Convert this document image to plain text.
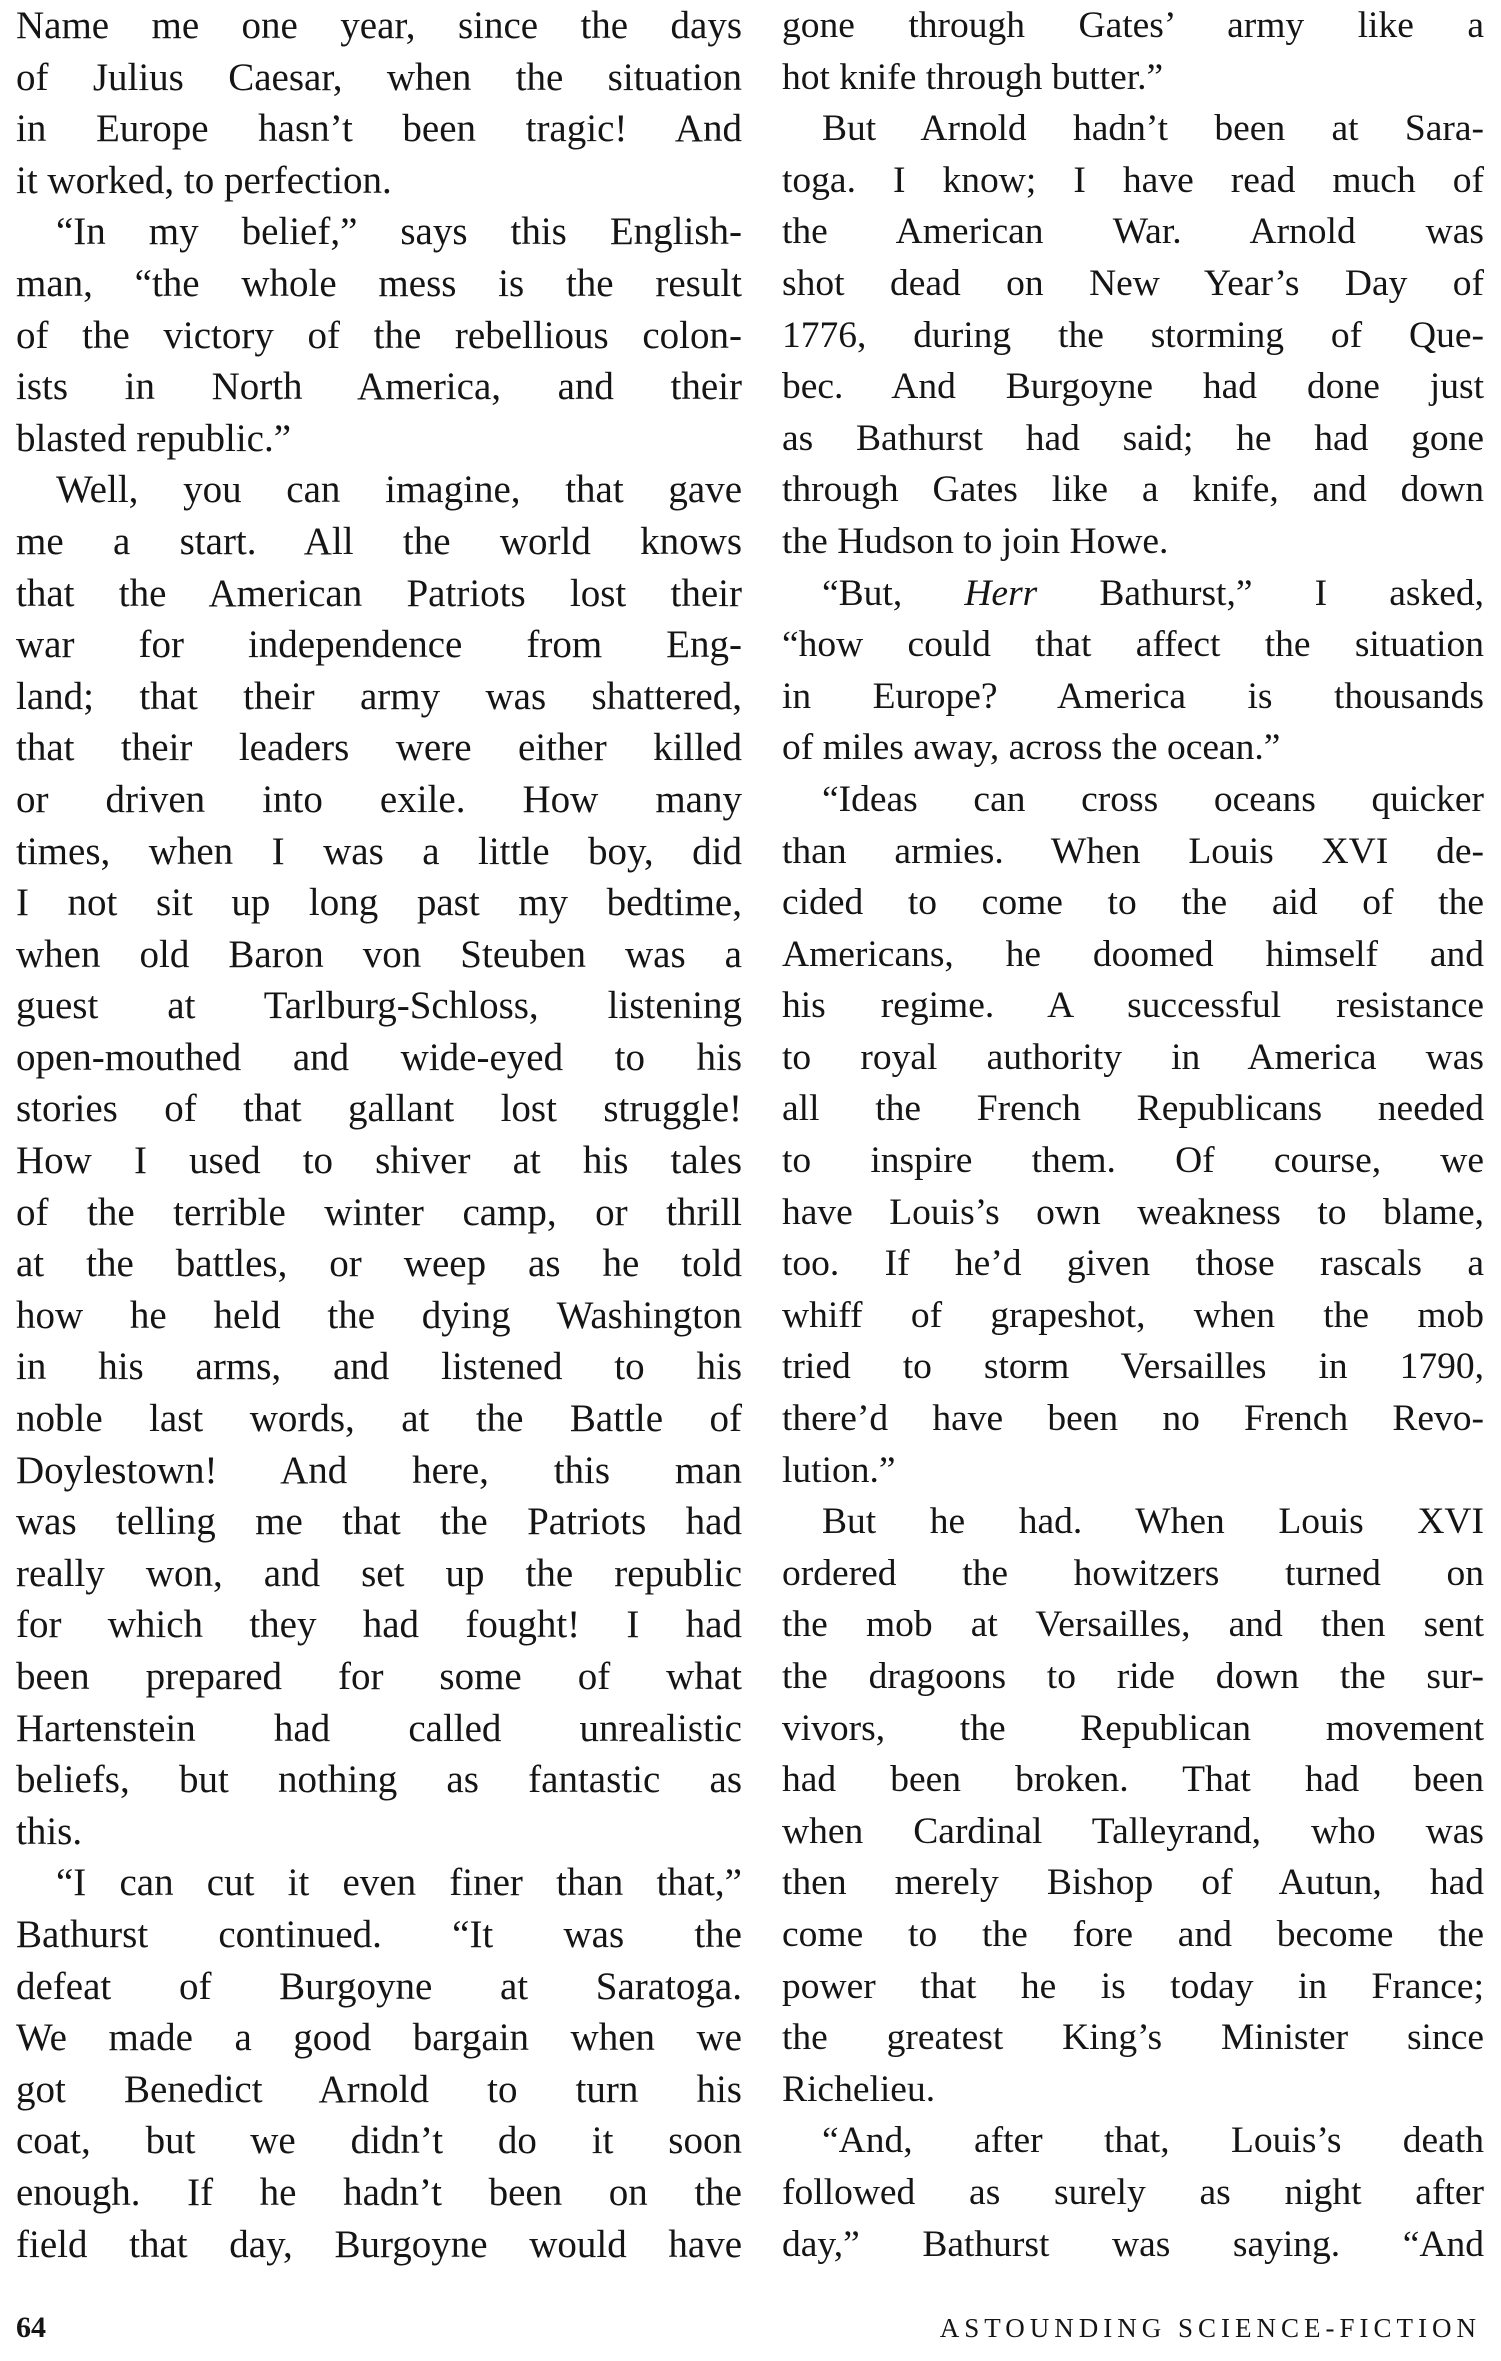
Name me one year, since the days
of Julius Caesar, when the situation
in Europe hasn’t been tragic! And
it worked, to perfection.
“In my belief,” says this English-
man, “the whole mess is the result
of the victory of the rebellious colon-
ists in North America, and their
blasted republic.”
Well, you can imagine, that gave
me a start. All the world knows
that the American Patriots lost their
war for independence from Eng-
land; that their army was shattered,
that their leaders were either killed
or driven into exile. How many
times, when I was a little boy, did
I not sit up long past my bedtime,
when old Baron von Steuben was a
guest at Tarlburg-Schloss, listening
open-mouthed and wide-eyed to his
stories of that gallant lost struggle!
How I used to shiver at his tales
of the terrible winter camp, or thrill
at the battles, or weep as he told
how he held the dying Washington
in his arms, and listened to his
noble last words, at the Battle of
Doylestown! And here, this man
was telling me that the Patriots had
really won, and set up the republic
for which they had fought! I had
been prepared for some of what
Hartenstein had called unrealistic
beliefs, but nothing as fantastic as
this.
“I can cut it even finer than that,”
Bathurst continued. “It was the
defeat of Burgoyne at Saratoga.
We made a good bargain when we
got Benedict Arnold to turn his
coat, but we didn’t do it soon
enough. If he hadn’t been on the
field that day, Burgoyne would have
gone through Gates’ army like a
hot knife through butter.”
But Arnold hadn’t been at Sara-
toga. I know; I have read much of
the American War. Arnold was
shot dead on New Year’s Day of
1776, during the storming of Que-
bec. And Burgoyne had done just
as Bathurst had said; he had gone
through Gates like a knife, and down
the Hudson to join Howe.
“But, Herr Bathurst,” I asked,
“how could that affect the situation
in Europe? America is thousands
of miles away, across the ocean.”
“Ideas can cross oceans quicker
than armies. When Louis XVI de-
cided to come to the aid of the
Americans, he doomed himself and
his regime. A successful resistance
to royal authority in America was
all the French Republicans needed
to inspire them. Of course, we
have Louis’s own weakness to blame,
too. If he’d given those rascals a
whiff of grapeshot, when the mob
tried to storm Versailles in 1790,
there’d have been no French Revo-
lution.”
But he had. When Louis XVI
ordered the howitzers turned on
the mob at Versailles, and then sent
the dragoons to ride down the sur-
vivors, the Republican movement
had been broken. That had been
when Cardinal Talleyrand, who was
then merely Bishop of Autun, had
come to the fore and become the
power that he is today in France;
the greatest King’s Minister since
Richelieu.
“And, after that, Louis’s death
followed as surely as night after
day,” Bathurst was saying. “And
64	ASTOUNDING SCIENCE-FICTION
